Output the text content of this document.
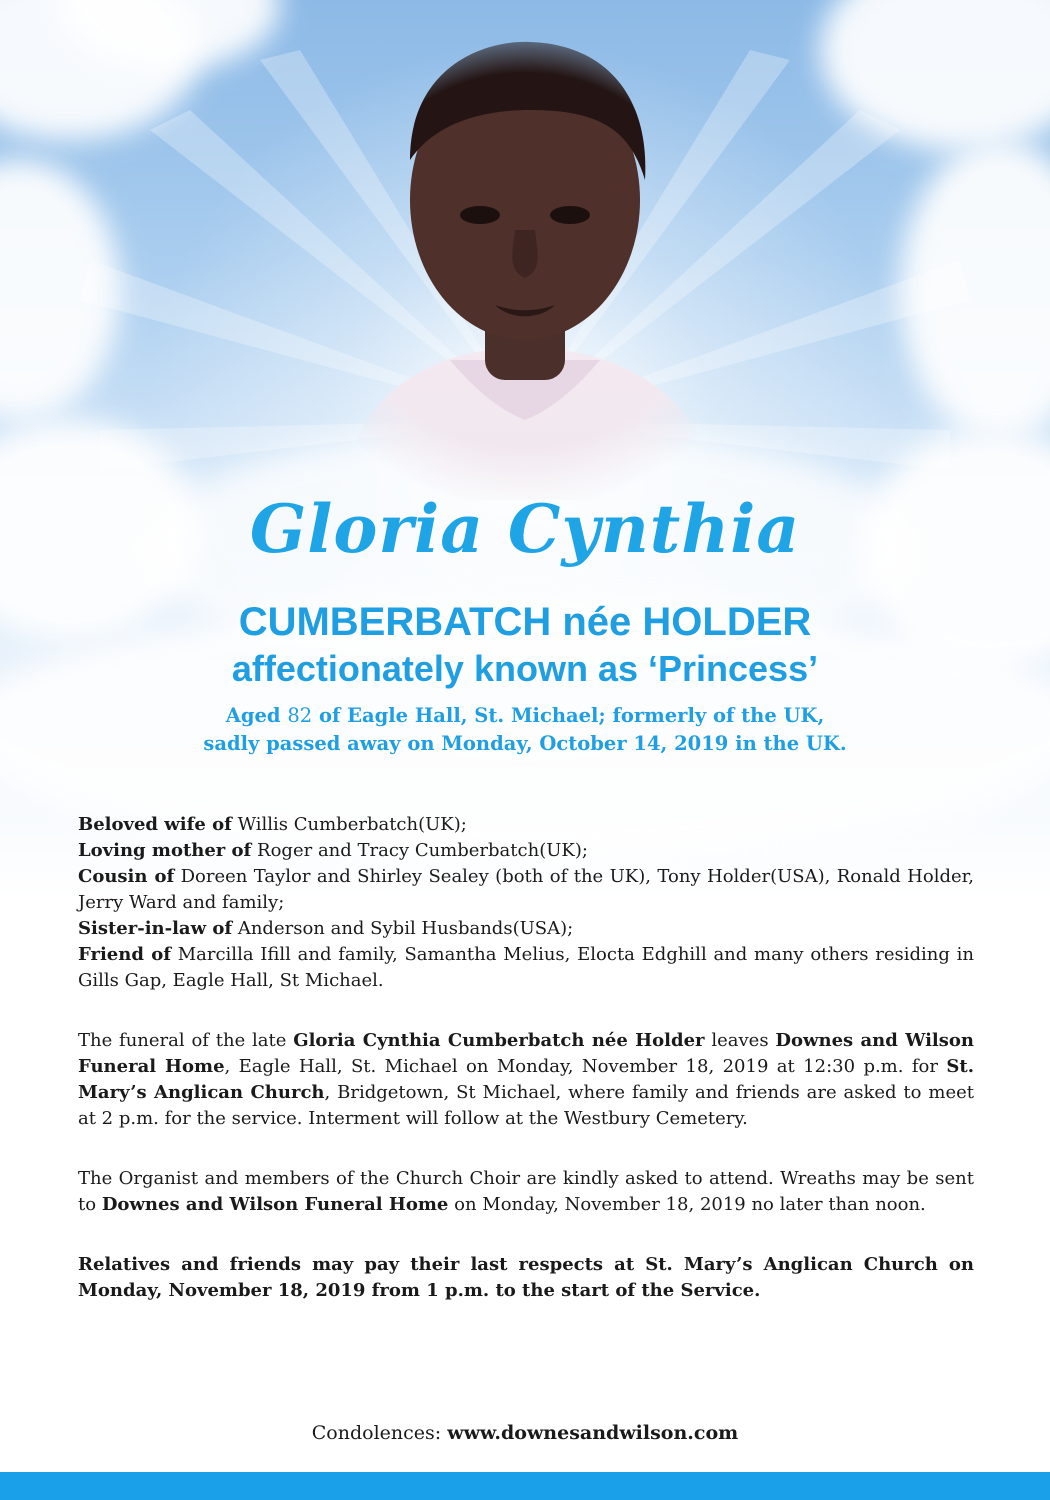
Gloria Cynthia
CUMBERBATCH née HOLDER
affectionately known as ‘Princess’
Aged 82 of Eagle Hall, St. Michael; formerly of the UK,
sadly passed away on Monday, October 14, 2019 in the UK.

Beloved wife of Willis Cumberbatch(UK);

Loving mother of Roger and Tracy Cumberbatch(UK);

Cousin of Doreen Taylor and Shirley Sealey (both of the UK), Tony Holder(USA), Ronald Holder, Jerry Ward and family;

Sister-in-law of Anderson and Sybil Husbands(USA);

Friend of Marcilla Ifill and family, Samantha Melius, Elocta Edghill and many others residing in Gills Gap, Eagle Hall, St Michael.

The funeral of the late Gloria Cynthia Cumberbatch née Holder leaves Downes and Wilson Funeral Home, Eagle Hall, St. Michael on Monday, November 18, 2019 at 12:30 p.m. for St. Mary’s Anglican Church, Bridgetown, St Michael, where family and friends are asked to meet at 2 p.m. for the service. Interment will follow at the Westbury Cemetery.

The Organist and members of the Church Choir are kindly asked to attend. Wreaths may be sent to Downes and Wilson Funeral Home on Monday, November 18, 2019 no later than noon.

Relatives and friends may pay their last respects at St. Mary’s Anglican Church on Monday, November 18, 2019 from 1 p.m. to the start of the Service.

Condolences: www.downesandwilson.com
